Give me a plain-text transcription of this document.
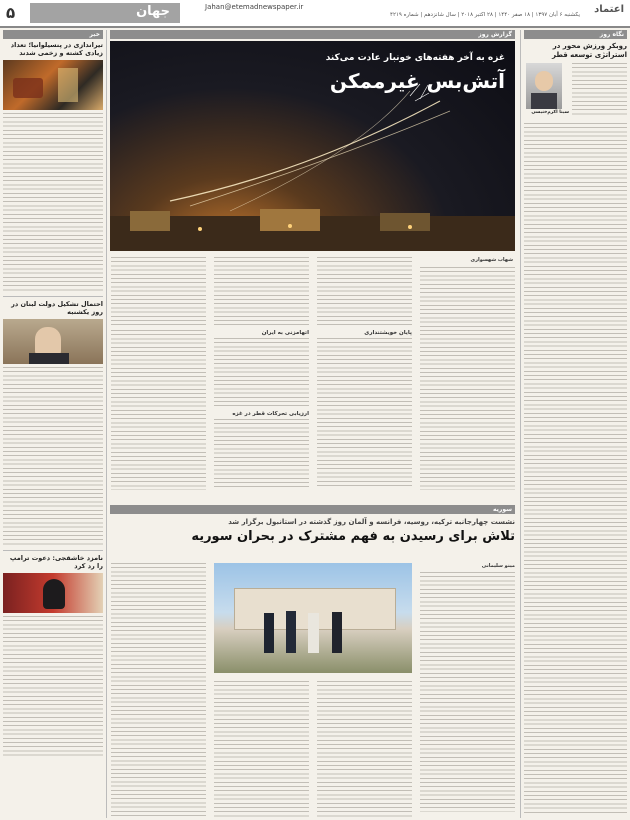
۵	جهان	Jahan@etemadnewspaper.ir
یکشنبه ۶ آبان ۱۳۹۷ | ۱۸ صفر ۱۴۴۰ | ۲۸ اکتبر ۲۰۱۸ | سال شانزدهم | شماره ۴۲۱۹ اعتماد
خبر
تیراندازی در پنسیلوانیا؛ تعداد زیادی کشته و زخمی شدند
احتمال تشکیل دولت لبنان در روز یکشنبه
نامزد خاشقجی: دعوت ترامپ را رد کرد
گزارش روز
غزه به آخر هفته‌های خونبار عادت می‌کند
آتش‌بس غیرممکن
شهاب شهسواری
پایان خویشتنداری
اتهامزنی به ایران
ارزیابی تحرکات قطر در غزه
سوریه
نشست چهارجانبه ترکیه، روسیه، فرانسه و آلمان روز گذشته در استانبول برگزار شد
تلاش برای رسیدن به فهم مشترک در بحران سوریه
مینو سلیمانی
نگاه روز
روبکر ورزش محور در استراتژی توسعه قطر
سینا اکرم‌خنیسی
